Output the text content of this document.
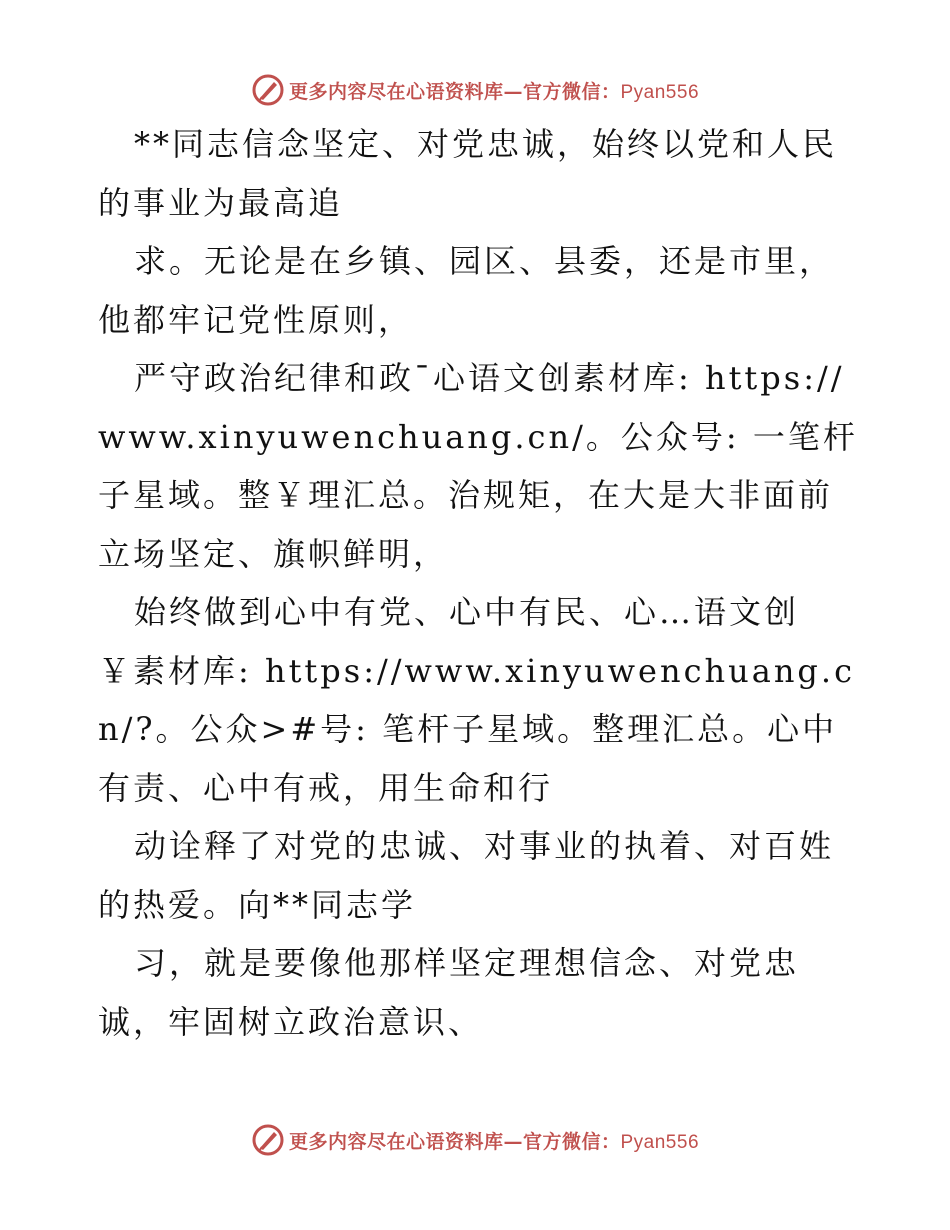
更多内容尽在心语资料库—官方微信：Pyan556

**同志信念坚定、对党忠诚，始终以党和人民的事业为最高追

求。无论是在乡镇、园区、县委，还是市里，他都牢记党性原则，

严守政治纪律和政¯心语文创素材库: https://www.xinyuwenchuang.cn/。公众号: 一笔杆子星域。整￥理汇总。治规矩，在大是大非面前立场坚定、旗帜鲜明，

始终做到心中有党、心中有民、心…语文创￥素材库: https://www.xinyuwenchuang.cn/?。公众>#号: 笔杆子星域。整理汇总。心中有责、心中有戒，用生命和行

动诠释了对党的忠诚、对事业的执着、对百姓的热爱。向**同志学

习，就是要像他那样坚定理想信念、对党忠诚，牢固树立政治意识、

更多内容尽在心语资料库—官方微信：Pyan556
